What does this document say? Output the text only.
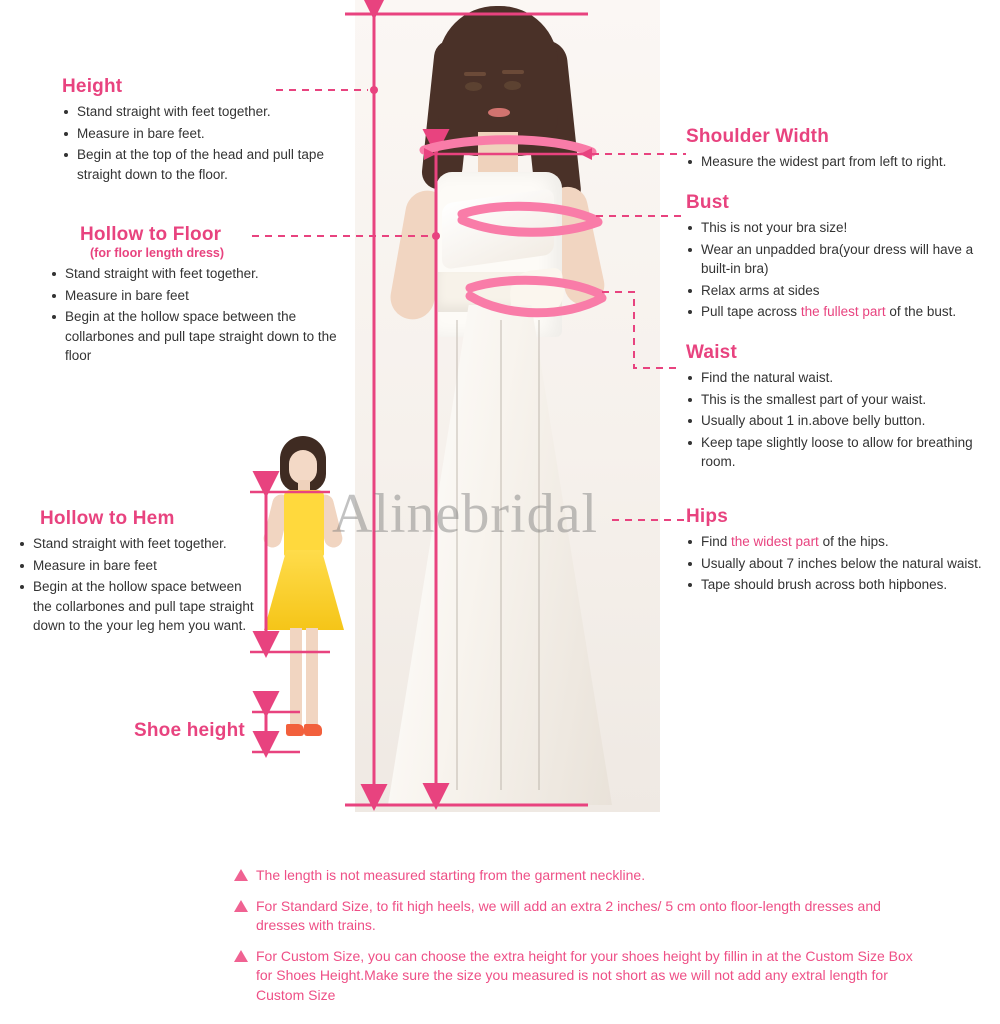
Height
Stand straight with feet together.
Measure in bare feet.
Begin at the top of the head and pull tape straight down to the floor.
Hollow to Floor
(for floor length dress)
Stand straight with feet together.
Measure in bare feet
Begin at the hollow space between the collarbones and pull tape straight down to the floor
Hollow to Hem
Stand straight with feet together.
Measure in bare feet
Begin at the hollow space between the collarbones and pull tape straight down to the your leg hem you want.
Shoe height
Shoulder Width
Measure the widest part from left to right.
Bust
This is not your bra size!
Wear an unpadded bra(your dress will have a built-in bra)
Relax arms at sides
Pull tape across the fullest part of the bust.
Waist
Find the natural waist.
This is the smallest part of your waist.
Usually about 1 in.above belly button.
Keep tape slightly loose to allow for breathing room.
Hips
Find the widest part of the hips.
Usually about 7 inches below the natural waist.
Tape should brush across both hipbones.
Alinebridal
The length is not measured starting from the garment neckline.
For Standard Size, to fit high heels, we will add an extra 2 inches/ 5 cm onto floor-length dresses and dresses with trains.
For Custom Size, you can choose the extra height for your shoes height by fillin in at the Custom Size Box for Shoes Height.Make sure the size you measured is not short as we will not add any extral length for Custom Size
